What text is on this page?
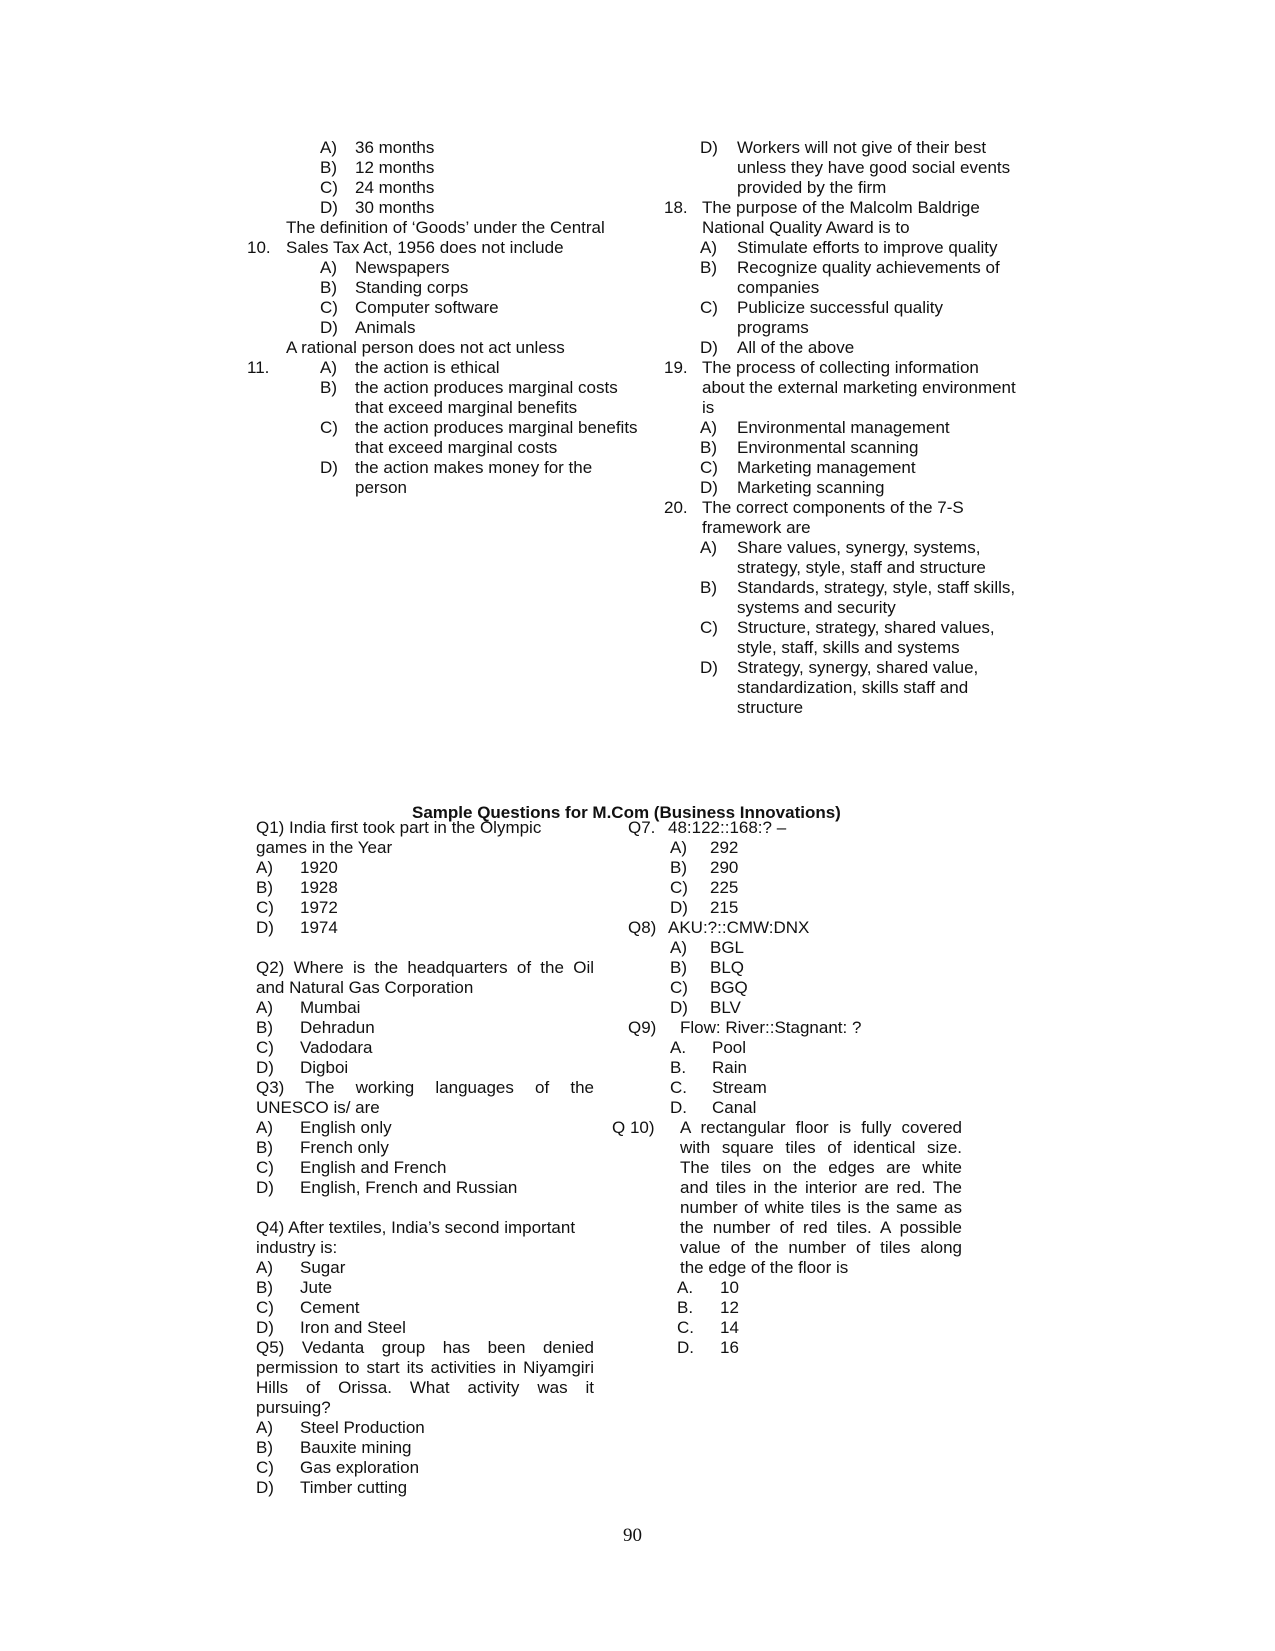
A) 36 months
B) 12 months
C) 24 months
D) 30 months
The definition of ‘Goods’ under the Central
10. Sales Tax Act, 1956 does not include
A) Newspapers
B) Standing corps
C) Computer software
D) Animals
A rational person does not act unless
11.	A) the action is ethical
B) the action produces marginal costs
that exceed marginal benefits
C) the action produces marginal benefits
that exceed marginal costs
D) the action makes money for the
person
D) Workers will not give of their best
unless they have good social events
provided by the firm
18. The purpose of the Malcolm Baldrige
National Quality Award is to
A) Stimulate efforts to improve quality
B) Recognize quality achievements of
companies
C) Publicize successful quality
programs
D) All of the above
19. The process of collecting information
about the external marketing environment
is
A) Environmental management
B) Environmental scanning
C) Marketing management
D) Marketing scanning
20. The correct components of the 7-S
framework are
A) Share values, synergy, systems,
strategy, style, staff and structure
B) Standards, strategy, style, staff skills,
systems and security
C) Structure, strategy, shared values,
style, staff, skills and systems
D) Strategy, synergy, shared value,
standardization, skills staff and
structure
Sample Questions for M.Com (Business Innovations)
Q1) India first took part in the Olympic
games in the Year
A) 1920
B) 1928
C) 1972
D) 1974
Q2) Where is the headquarters of the Oil
and Natural Gas Corporation
A) Mumbai
B) Dehradun
C) Vadodara
D) Digboi
Q3) The working languages of the
UNESCO is/ are
A) English only
B) French only
C) English and French
D) English, French and Russian
Q4) After textiles, India’s second important
industry is:
A) Sugar
B) Jute
C) Cement
D) Iron and Steel
Q5) Vedanta group has been denied
permission to start its activities in Niyamgiri
Hills of Orissa. What activity was it
pursuing?
A) Steel Production
B) Bauxite mining
C) Gas exploration
D) Timber cutting
Q7. 48:122::168:? –
A) 292
B) 290
C) 225
D) 215
Q8) AKU:?::CMW:DNX
A) BGL
B) BLQ
C) BGQ
D) BLV
Q9) Flow: River::Stagnant: ?
A. Pool
B. Rain
C. Stream
D. Canal
Q 10) A rectangular floor is fully covered
with square tiles of identical size.
The tiles on the edges are white
and tiles in the interior are red. The
number of white tiles is the same as
the number of red tiles. A possible
value of the number of tiles along
the edge of the floor is
A. 10
B. 12
C. 14
D. 16
90
